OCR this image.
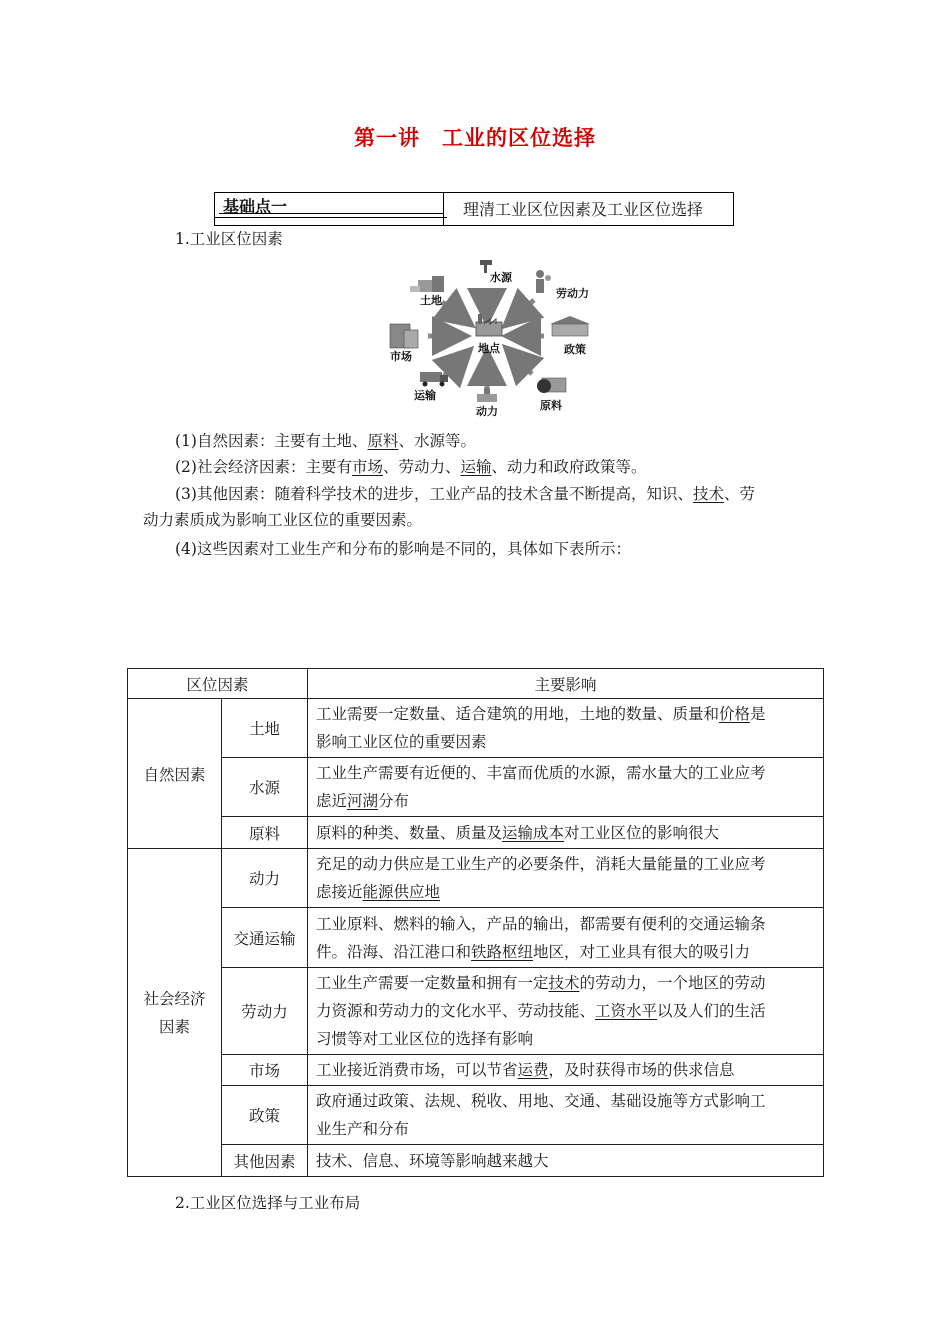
第一讲 工业的区位选择
基础点一	理清工业区位因素及工业区位选择
1.工业区位因素
地点
水源
劳动力
政策
原料
动力
运输
市场
土地
(1)自然因素：主要有土地、原料、水源等。
(2)社会经济因素：主要有市场、劳动力、运输、动力和政府政策等。
(3)其他因素：随着科学技术的进步，工业产品的技术含量不断提高，知识、技术、劳
动力素质成为影响工业区位的重要因素。
(4)这些因素对工业生产和分布的影响是不同的，具体如下表所示：
区位因素		主要影响
自然因素	土地	工业需要一定数量、适合建筑的用地，土地的数量、质量和价格是
影响工业区位的重要因素
	水源	工业生产需要有近便的、丰富而优质的水源，需水量大的工业应考
虑近河湖分布
	原料	原料的种类、数量、质量及运输成本对工业区位的影响很大
社会经济
因素	动力	充足的动力供应是工业生产的必要条件，消耗大量能量的工业应考
虑接近能源供应地
	交通运输	工业原料、燃料的输入，产品的输出，都需要有便利的交通运输条
件。沿海、沿江港口和铁路枢纽地区，对工业具有很大的吸引力
	劳动力	工业生产需要一定数量和拥有一定技术的劳动力，一个地区的劳动
力资源和劳动力的文化水平、劳动技能、工资水平以及人们的生活
习惯等对工业区位的选择有影响
	市场	工业接近消费市场，可以节省运费，及时获得市场的供求信息
	政策	政府通过政策、法规、税收、用地、交通、基础设施等方式影响工
业生产和分布
	其他因素	技术、信息、环境等影响越来越大
2.工业区位选择与工业布局
